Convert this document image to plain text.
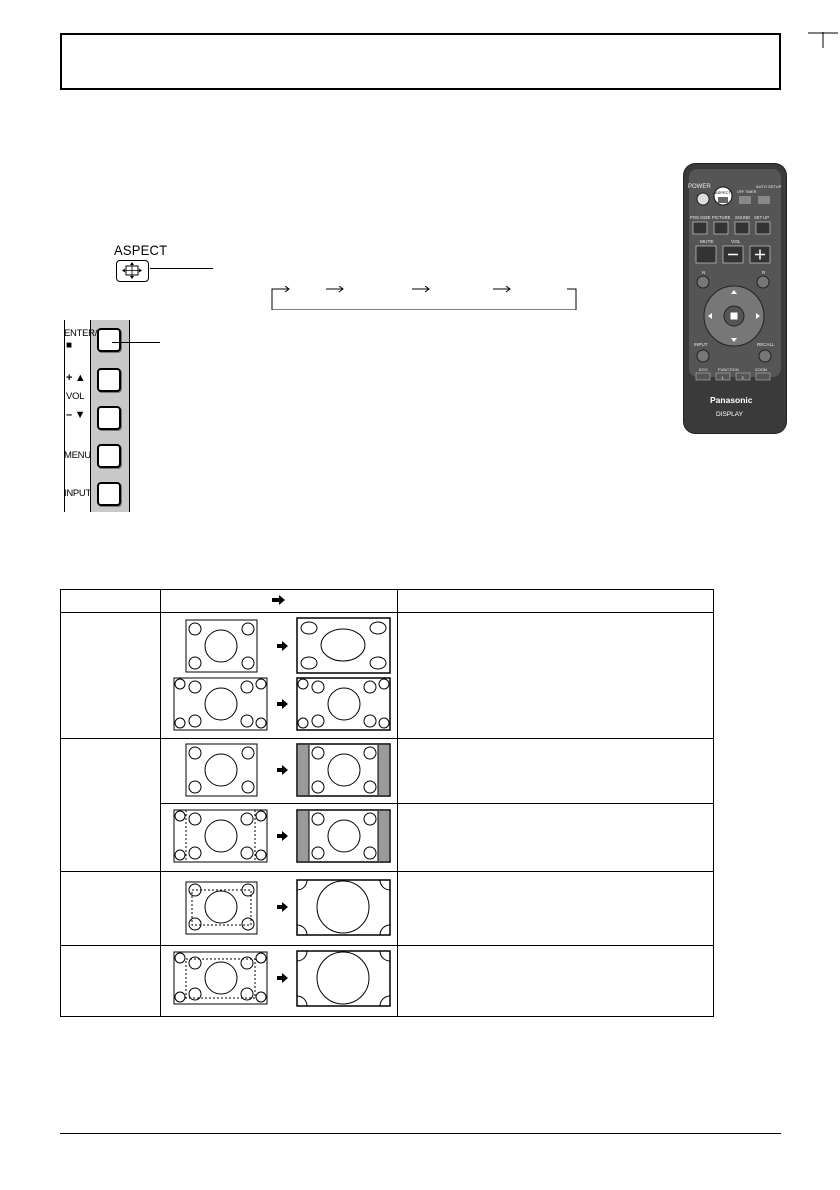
ASPECT
ENTER/
■
+ ▲
VOL
– ▼
MENU
INPUT
POWER
ASPECT OFF TIMER
AUTO SETUP
POS./SIZE PICTURE SOUND SET UP
MUTE	VOL
N	R
INPUT	RECALL
ECO	FUNCTION	ZOOM
1	2
Panasonic
DISPLAY
